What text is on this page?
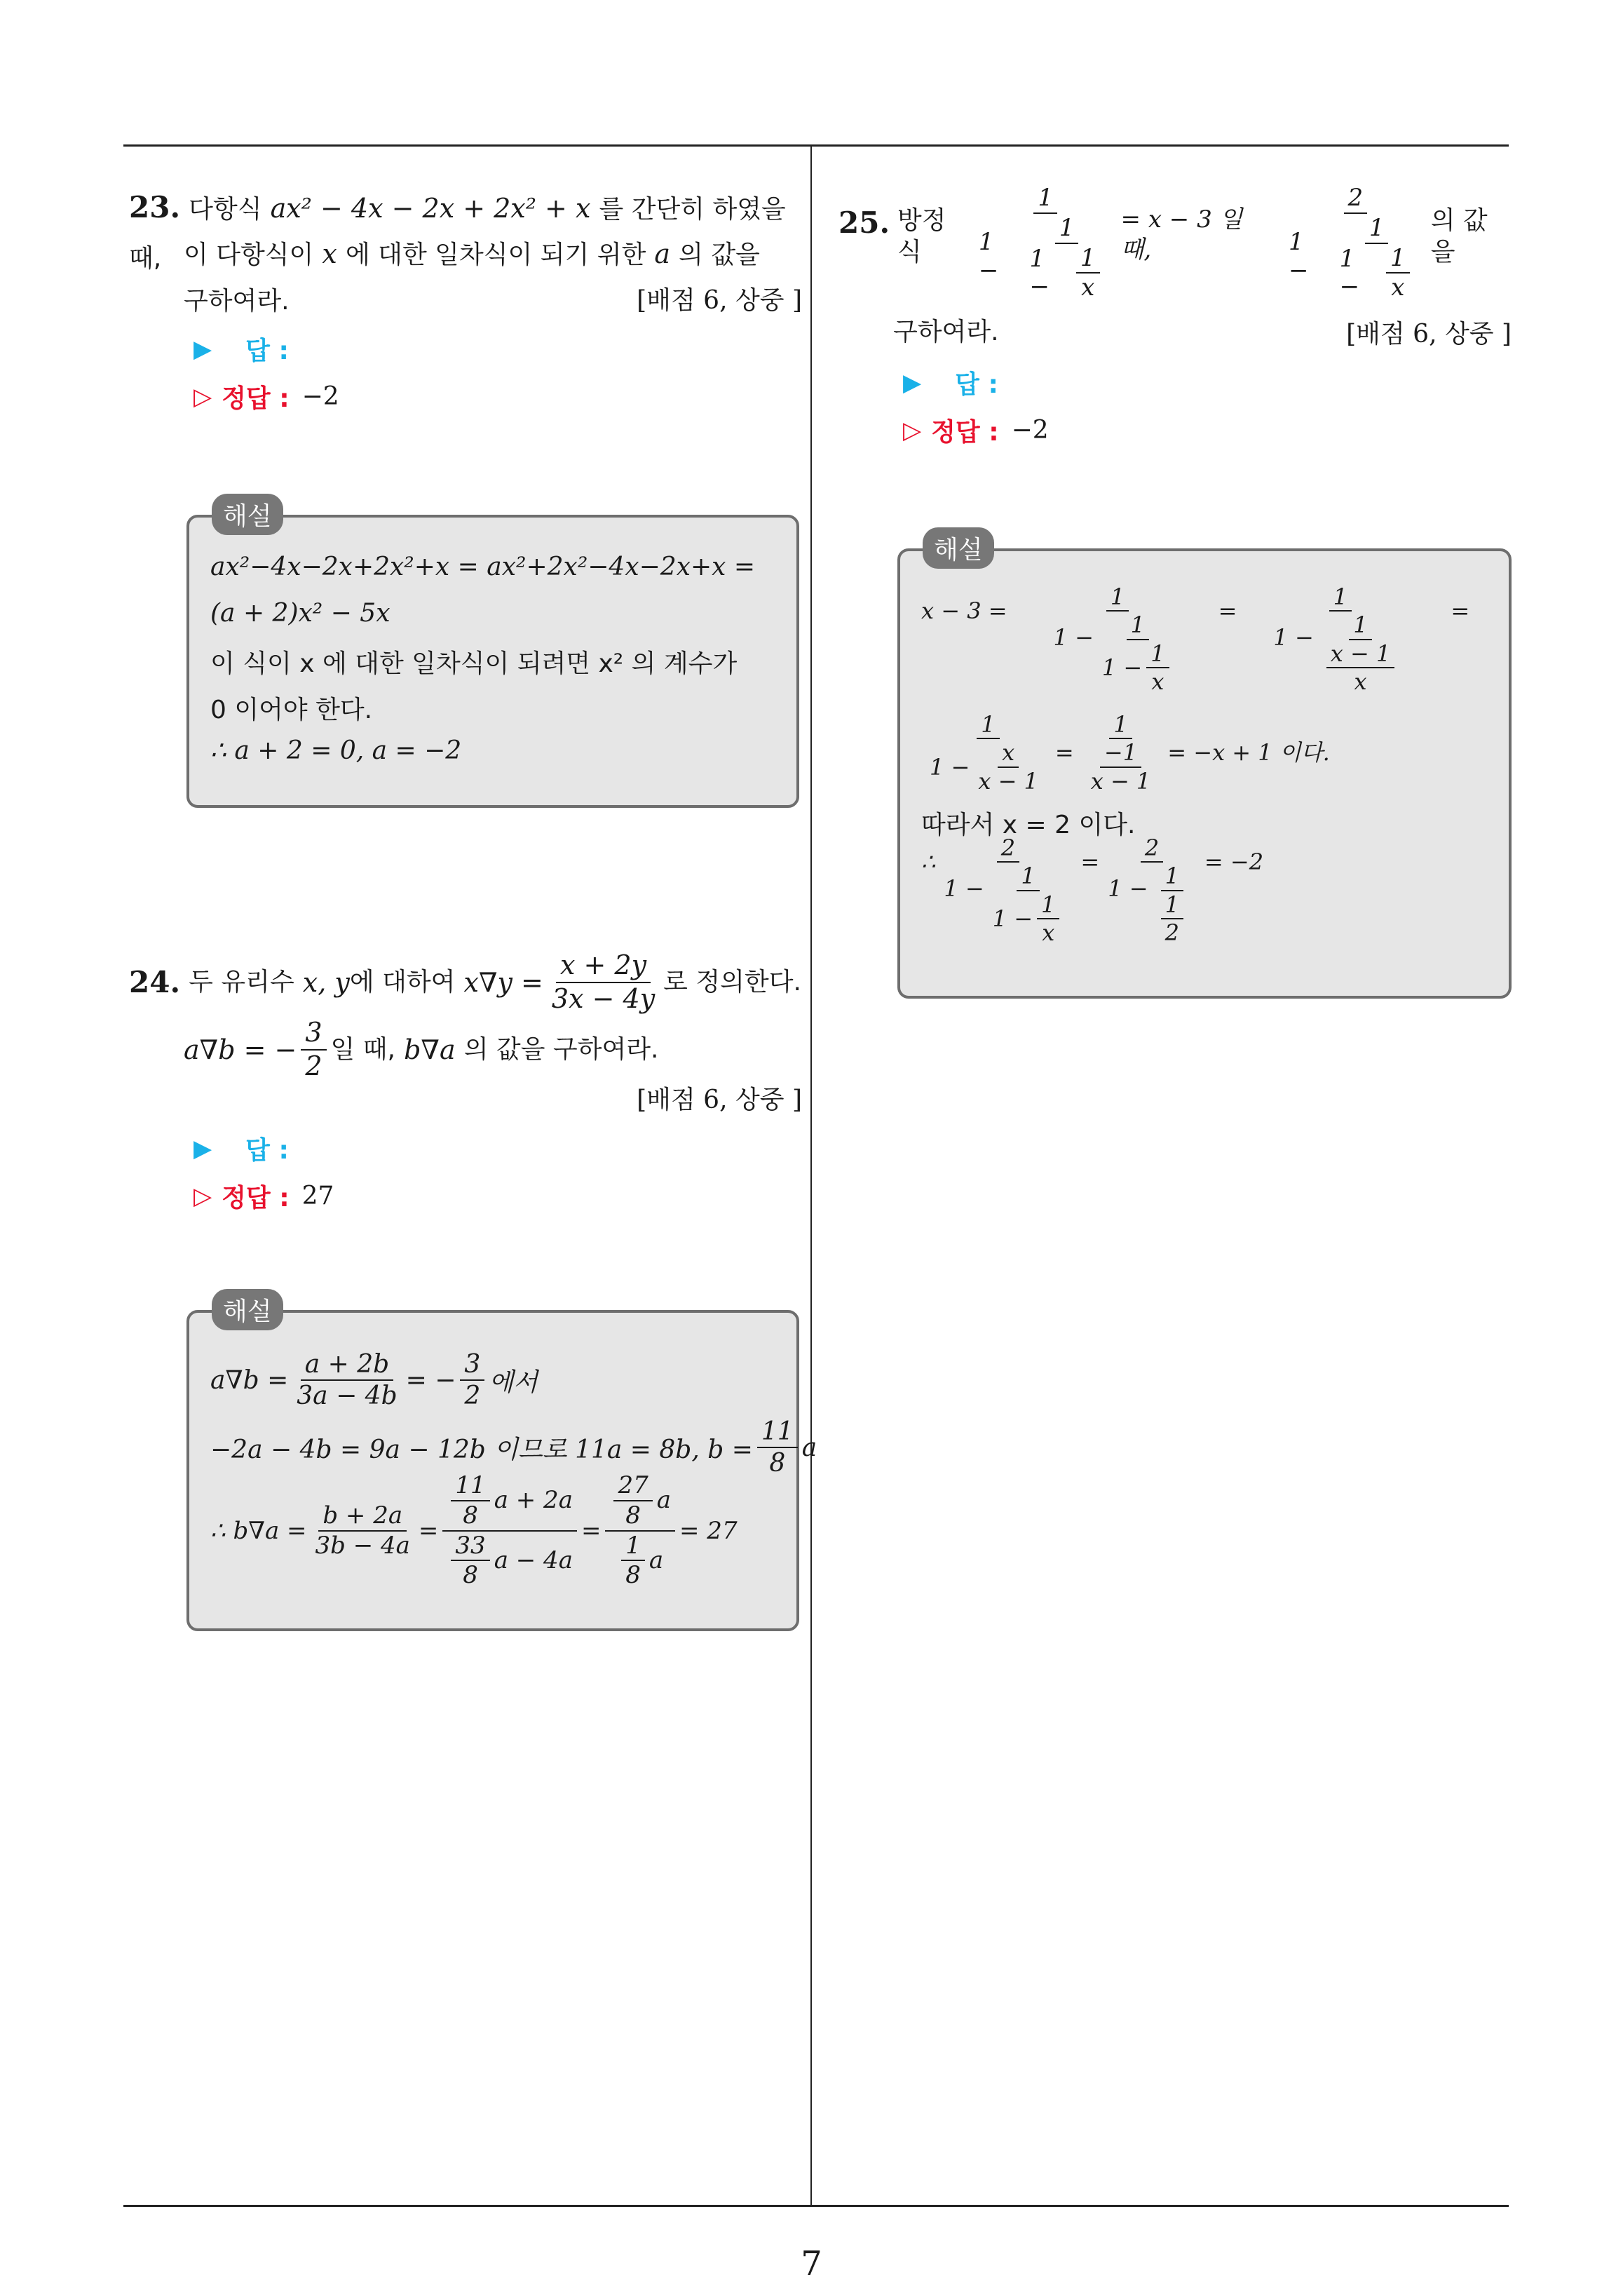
23. 다항식 ax² − 4x − 2x + 2x² + x 를 간단히 하였을 때, 이 다항식이 x 에 대한 일차식이 되기 위한 a 의 값을
구하여라.	[배점 6, 상중 ]
▶ 답 :
▷ 정답 : −2
해설
ax²−4x−2x+2x²+x = ax²+2x²−4x−2x+x =
(a + 2)x² − 5x
이 식이 x 에 대한 일차식이 되려면 x² 의 계수가
0 이어야 한다.
∴ a + 2 = 0, a = −2
24.
두 유리수
x, y 에 대하여
$x\nabla y = \frac{x + 2y}{3x - 4y}$ 로 정의한다.
a∇b = − $\frac{3}{2}$ 일 때,
b∇a
의 값을 구하여라.
[배점 6, 상중 ]
▶ 답 :
▷ 정답 : 27
해설
$a\nabla b = \frac{a + 2b}{3a - 4b}$ = − $\frac{3}{2}$ 에서
−2a − 4b = 9a − 12b 이므로 11a = 8b, $b = \frac{11}{8}$ a
∴ $b\nabla a = \frac{b + 2a}{3b - 4a} = \frac{\frac{11}{8} a + 2a}{\frac{33}{8} a - 4a} = \frac{\frac{27}{8} a}{\frac{1}{8} a} = 27$
25.
방정식
1
1 −	1
1 −	$\frac{1}{x} = x - 3$ 일 때,
2
1 −	1
1 −	$\frac{1}{x}$ 의 값을
구하여라.	[배점 6, 상중 ]
▶ 답 :
▷ 정답 : −2
해설
$x - 3 = \frac{1}{1 - \frac{1}{1 - \frac{1}{x}}} = \frac{1}{1 - \frac{1}{\frac{x - 1}{x}}}$ =
$\frac{1}{1 - \frac{x}{x - 1}} = \frac{1}{\frac{-1}{x - 1}} = -x + 1$ 이다.
따라서 x = 2 이다.
∴ $\frac{2}{1 - \frac{1}{1 - \frac{1}{x}}} = \frac{2}{1 - \frac{1}{\frac{1}{2}}} = -2$
7
